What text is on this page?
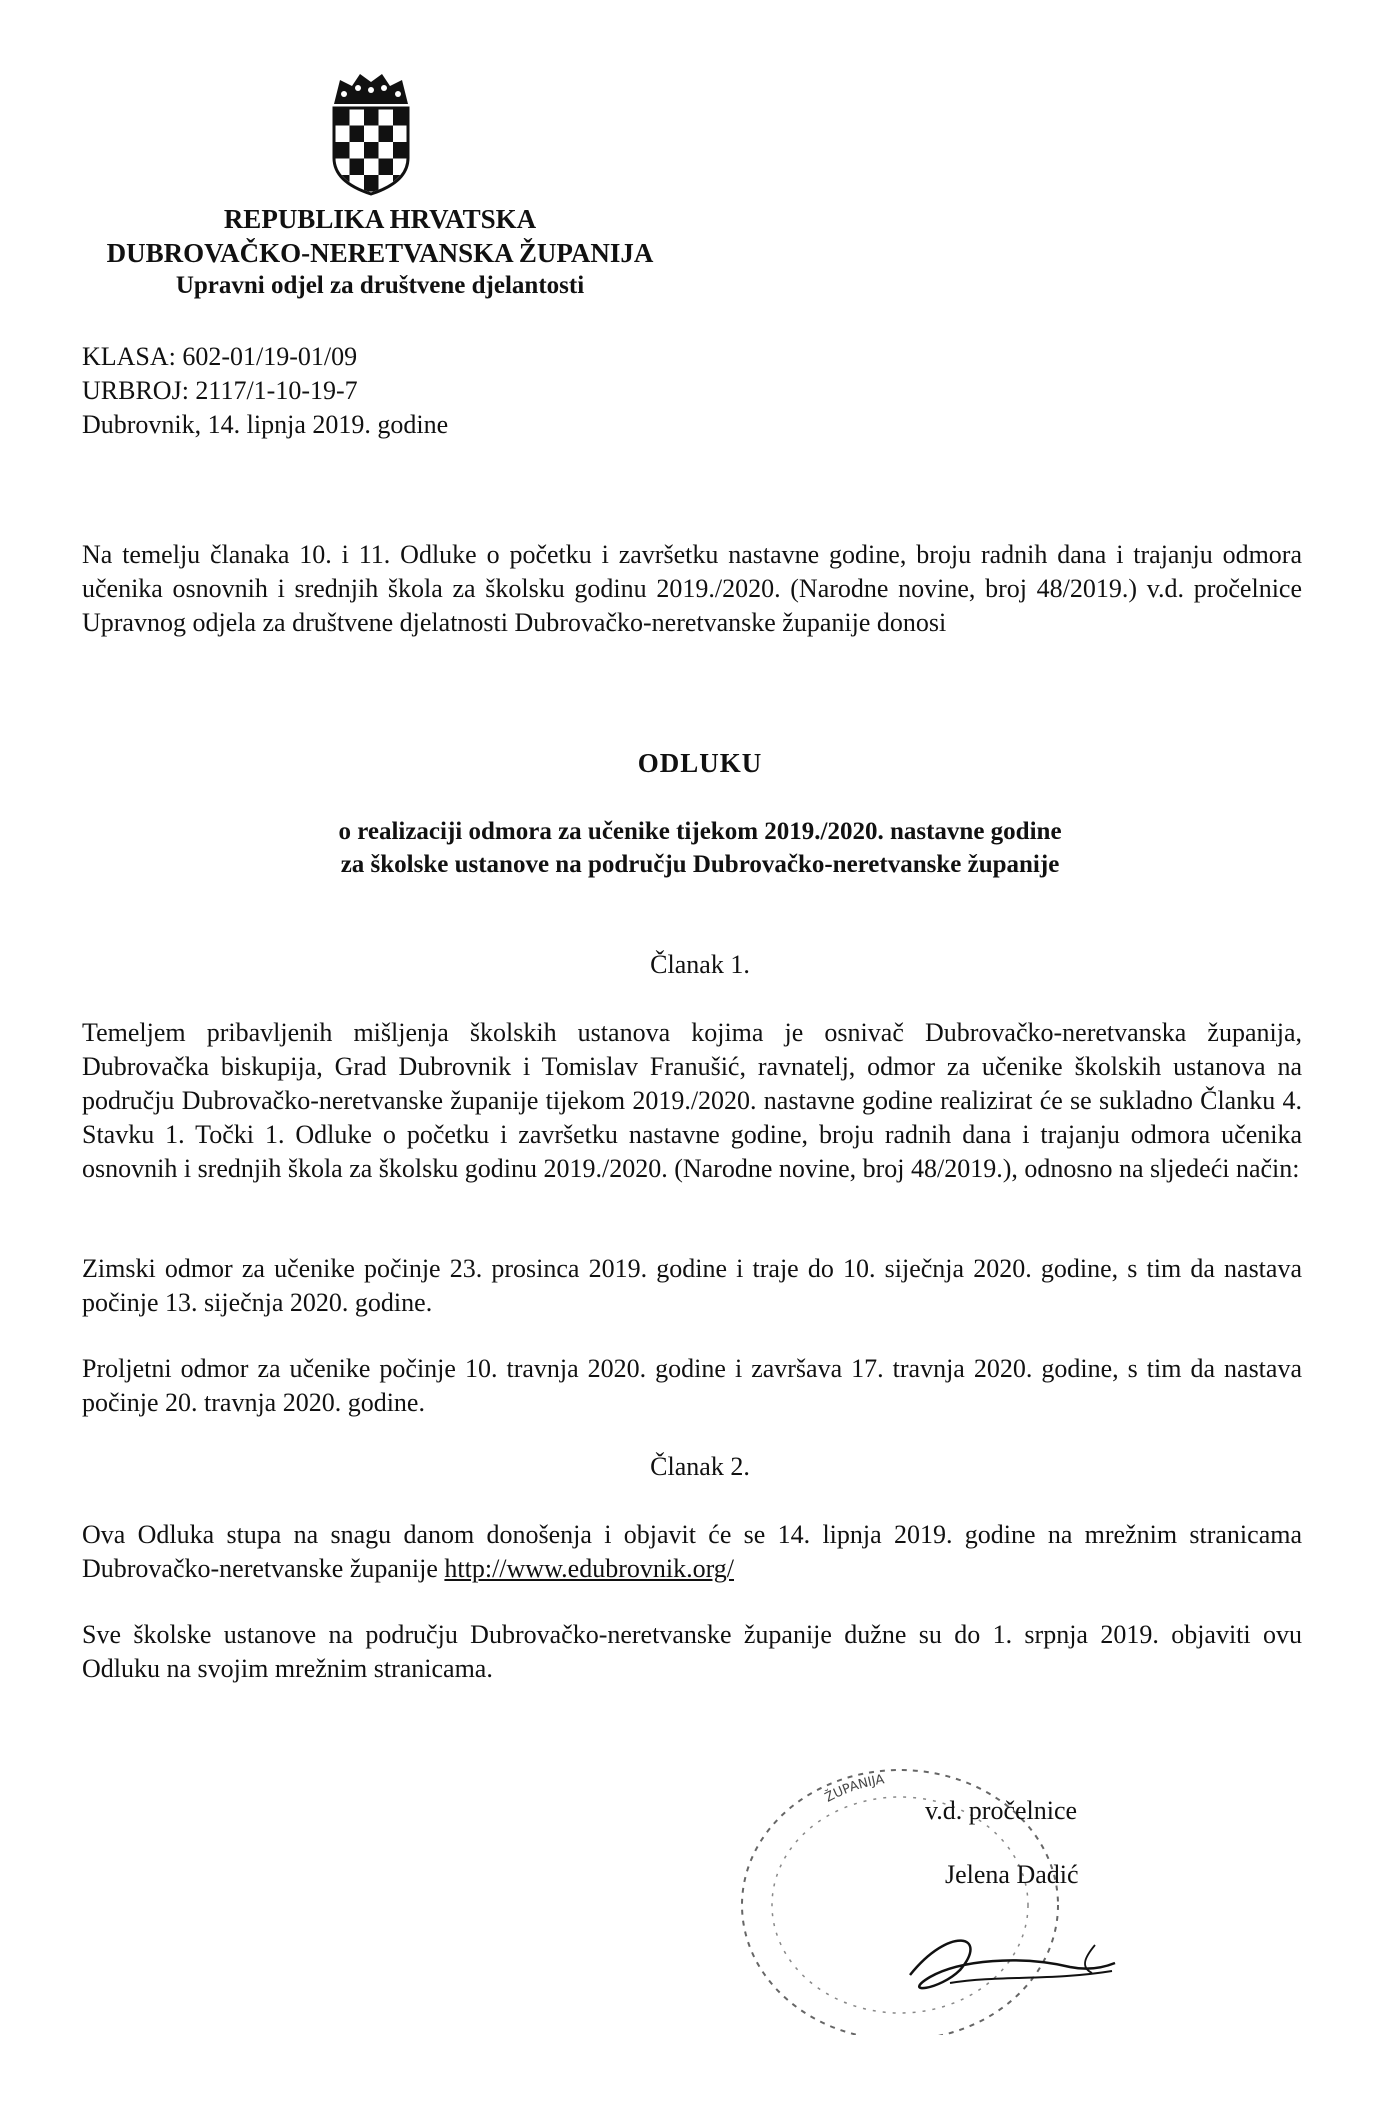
REPUBLIKA HRVATSKA
DUBROVAČKO-NERETVANSKA ŽUPANIJA
Upravni odjel za društvene djelantosti
KLASA: 602-01/19-01/09
URBROJ: 2117/1-10-19-7
Dubrovnik, 14. lipnja 2019. godine
Na temelju članaka 10. i 11. Odluke o početku i završetku nastavne godine, broju radnih dana i trajanju odmora učenika osnovnih i srednjih škola za školsku godinu 2019./2020. (Narodne novine, broj 48/2019.) v.d. pročelnice Upravnog odjela za društvene djelatnosti Dubrovačko-neretvanske županije donosi
ODLUKU
o realizaciji odmora za učenike tijekom 2019./2020. nastavne godine
za školske ustanove na području Dubrovačko-neretvanske županije
Članak 1.
Temeljem pribavljenih mišljenja školskih ustanova kojima je osnivač Dubrovačko-neretvanska županija, Dubrovačka biskupija, Grad Dubrovnik i Tomislav Franušić, ravnatelj, odmor za učenike školskih ustanova na području Dubrovačko-neretvanske županije tijekom 2019./2020. nastavne godine realizirat će se sukladno Članku 4. Stavku 1. Točki 1. Odluke o početku i završetku nastavne godine, broju radnih dana i trajanju odmora učenika osnovnih i srednjih škola za školsku godinu 2019./2020. (Narodne novine, broj 48/2019.), odnosno na sljedeći način:
Zimski odmor za učenike počinje 23. prosinca 2019. godine i traje do 10. siječnja 2020. godine, s tim da nastava počinje 13. siječnja 2020. godine.
Proljetni odmor za učenike počinje 10. travnja 2020. godine i završava 17. travnja 2020. godine, s tim da nastava počinje 20. travnja 2020. godine.
Članak 2.
Ova Odluka stupa na snagu danom donošenja i objavit će se 14. lipnja 2019. godine na mrežnim stranicama Dubrovačko-neretvanske županije http://www.edubrovnik.org/
Sve školske ustanove na području Dubrovačko-neretvanske županije dužne su do 1. srpnja 2019. objaviti ovu Odluku na svojim mrežnim stranicama.
ŽUPANIJA
v.d. pročelnice
Jelena Dadić
